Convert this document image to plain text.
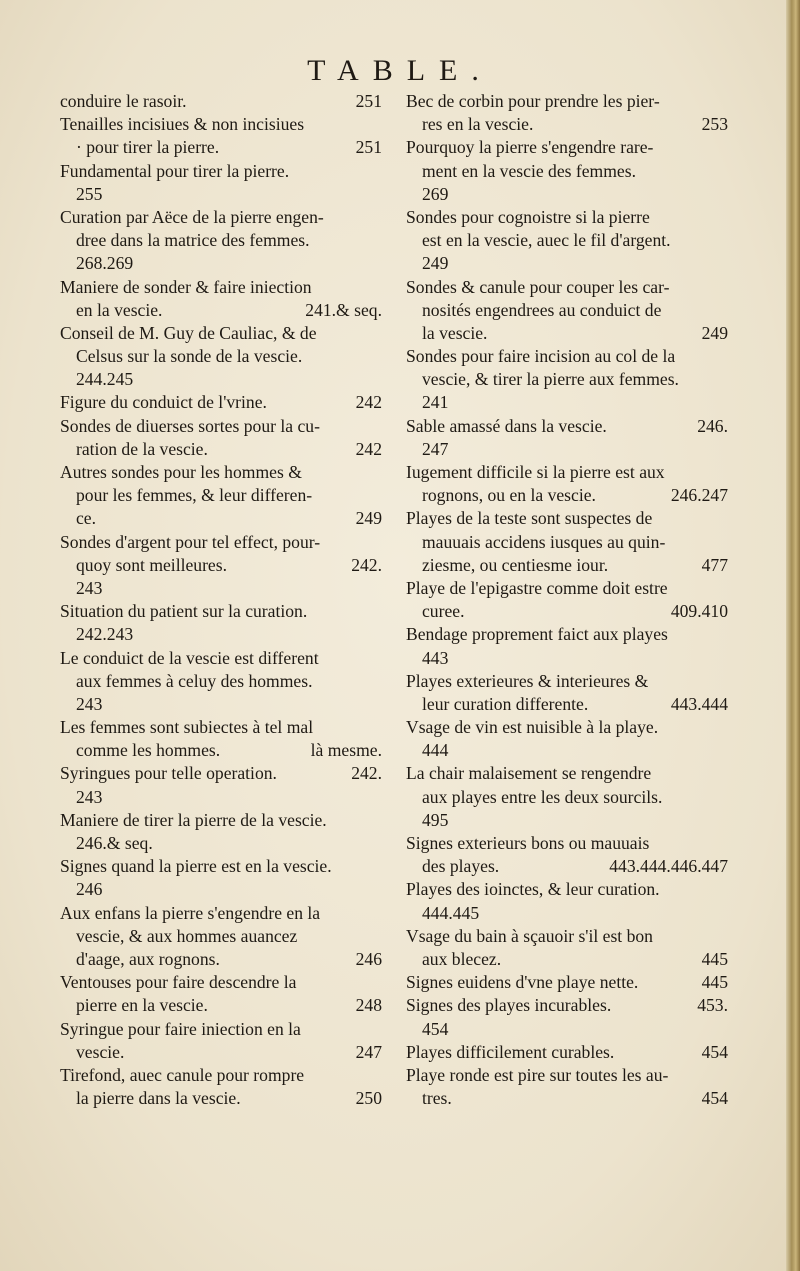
TABLE.
conduire le rasoir.	251
Tenailles incisiues & non incisiues
· pour tirer la pierre.	251
Fundamental pour tirer la pierre.
255
Curation par Aëce de la pierre engen-
dree dans la matrice des femmes.
268.269
Maniere de sonder & faire iniection
en la vescie.	241.& seq.
Conseil de M. Guy de Cauliac, & de
Celsus sur la sonde de la vescie.
244.245
Figure du conduict de l'vrine.	242
Sondes de diuerses sortes pour la cu-
ration de la vescie.	242
Autres sondes pour les hommes &
pour les femmes, & leur differen-
ce.	249
Sondes d'argent pour tel effect, pour-
quoy sont meilleures.	242.
243
Situation du patient sur la curation.
242.243
Le conduict de la vescie est different
aux femmes à celuy des hommes.
243
Les femmes sont subiectes à tel mal
comme les hommes.	là mesme.
Syringues pour telle operation.	242.
243
Maniere de tirer la pierre de la vescie.
246.& seq.
Signes quand la pierre est en la vescie.
246
Aux enfans la pierre s'engendre en la
vescie, & aux hommes auancez
d'aage, aux rognons.	246
Ventouses pour faire descendre la
pierre en la vescie.	248
Syringue pour faire iniection en la
vescie.	247
Tirefond, auec canule pour rompre
la pierre dans la vescie.	250
Bec de corbin pour prendre les pier-
res en la vescie.	253
Pourquoy la pierre s'engendre rare-
ment en la vescie des femmes.
269
Sondes pour cognoistre si la pierre
est en la vescie, auec le fil d'argent.
249
Sondes & canule pour couper les car-
nosités engendrees au conduict de
la vescie.	249
Sondes pour faire incision au col de la
vescie, & tirer la pierre aux femmes.
241
Sable amassé dans la vescie.	246.
247
Iugement difficile si la pierre est aux
rognons, ou en la vescie.	246.247
Playes de la teste sont suspectes de
mauuais accidens iusques au quin-
ziesme, ou centiesme iour.	477
Playe de l'epigastre comme doit estre
curee.	409.410
Bendage proprement faict aux playes
443
Playes exterieures & interieures &
leur curation differente.	443.444
Vsage de vin est nuisible à la playe.
444
La chair malaisement se rengendre
aux playes entre les deux sourcils.
495
Signes exterieurs bons ou mauuais
des playes.	443.444.446.447
Playes des ioinctes, & leur curation.
444.445
Vsage du bain à sçauoir s'il est bon
aux blecez.	445
Signes euidens d'vne playe nette.	445
Signes des playes incurables.	453.
454
Playes difficilement curables.	454
Playe ronde est pire sur toutes les au-
tres.	454
